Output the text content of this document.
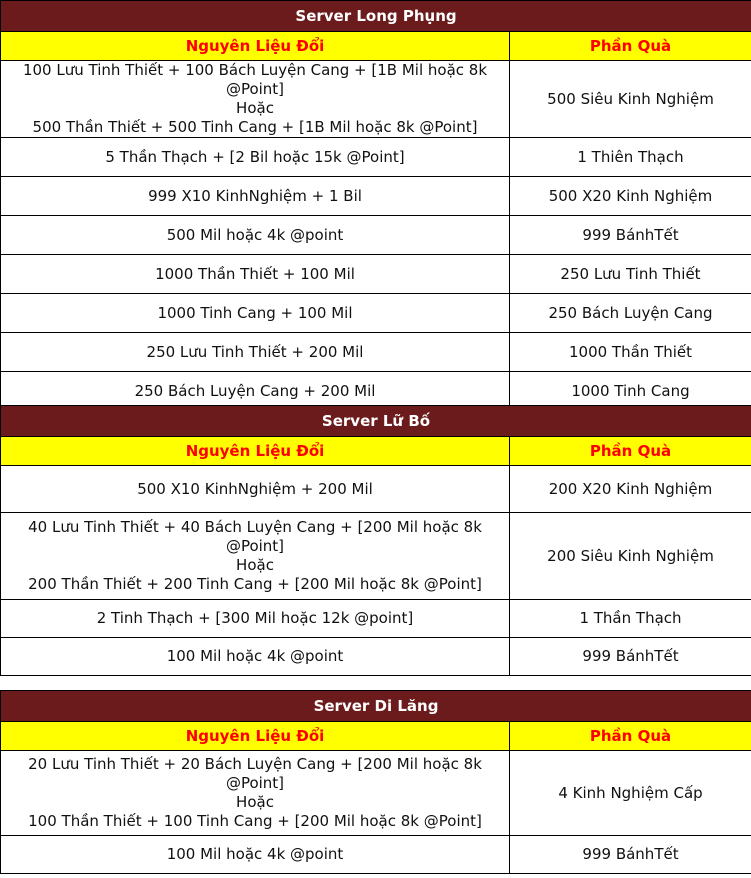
Server Long Phụng	
Nguyên Liệu Đổi	Phần Quà

100 Lưu Tinh Thiết + 100 Bách Luyện Cang + [1B Mil hoặc 8k @Point]
Hoặc
500 Thần Thiết + 500 Tinh Cang + [1B Mil hoặc 8k @Point]	500 Siêu Kinh Nghiệm
5 Thần Thạch + [2 Bil hoặc 15k @Point]	1 Thiên Thạch
999 X10 KinhNghiệm + 1 Bil	500 X20 Kinh Nghiệm
500 Mil hoặc 4k @point	999 BánhTết
1000 Thần Thiết + 100 Mil	250 Lưu Tinh Thiết
1000 Tinh Cang + 100 Mil	250 Bách Luyện Cang
250 Lưu Tinh Thiết + 200 Mil	1000 Thần Thiết
250 Bách Luyện Cang + 200 Mil	1000 Tinh Cang
Server Lữ Bố	
Nguyên Liệu Đổi	Phần Quà
500 X10 KinhNghiệm + 200 Mil	200 X20 Kinh Nghiệm

40 Lưu Tinh Thiết + 40 Bách Luyện Cang + [200 Mil hoặc 8k @Point]
Hoặc
200 Thần Thiết + 200 Tinh Cang + [200 Mil hoặc 8k @Point]	200 Siêu Kinh Nghiệm
2 Tinh Thạch + [300 Mil hoặc 12k @point]	1 Thần Thạch
100 Mil hoặc 4k @point	999 BánhTết
Server Di Lăng	
Nguyên Liệu Đổi	Phần Quà

20 Lưu Tinh Thiết + 20 Bách Luyện Cang + [200 Mil hoặc 8k @Point]
Hoặc
100 Thần Thiết + 100 Tinh Cang + [200 Mil hoặc 8k @Point]	4 Kinh Nghiệm Cấp
100 Mil hoặc 4k @point	999 BánhTết
